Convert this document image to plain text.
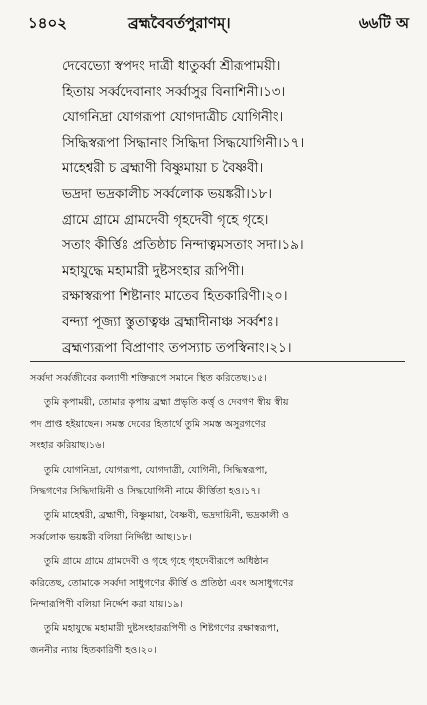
১৪০২	ব্রহ্মবৈবর্তপুরাণম্।	৬৬টি অ
দেবেভ্যো স্বপদং দাত্রী ধাতুর্ব্বা শ্রীরূপাময়ী।
হিতায় সর্ব্বদেবানাং সর্ব্বাসুর বিনাশিনী।১৩।
যোগনিদ্রা যোগরূপা যোগদাত্রীচ যোগিনীং।
সিদ্ধিস্বরূপা সিদ্ধানাং সিদ্ধিদা সিদ্ধযোগিনী।১৭।
মাহেশ্বরী চ ব্রহ্মাণী বিষ্ণুমায়া চ বৈষ্ণবী।
ভদ্রদা ভদ্রকালীচ সর্ব্বলোক ভয়ঙ্করী।১৮।
গ্রামে গ্রামে গ্রামদেবী গৃহদেবী গৃহে গৃহে।
সতাং কীর্ত্তিঃ প্রতিষ্ঠাচ নিন্দাত্বমসতাং সদা।১৯।
মহাযুদ্ধে মহামারী দুষ্টসংহার রূপিণী।
রক্ষাস্বরূপা শিষ্টানাং মাতেব হিতকারিণী।২০।
বন্দ্যা পূজ্যা স্তুতাত্বঞ্চ ব্রহ্মাদীনাঞ্চ সর্ব্বশঃ।
ব্রহ্মণ্যরূপা বিপ্রাণাং তপস্যাচ তপস্বিনাং।২১।
সর্ব্বদা সর্ব্বজীবের কল্যাণী শক্তিরূপে সমানে স্থিত করিতেছ।১৫।
তুমি কৃপাময়ী, তোমার কৃপায় ব্রহ্মা প্রভৃতি কর্ত্তৃ ও দেবগণ স্বীয় স্বীয়
পদ প্রাপ্ত হইয়াছেন। সমস্ত দেবের হিতার্থে তুমি সমস্ত অসুরগণের
সংহার করিয়াছ।১৬।
তুমি যোগনিদ্রা, যোগরূপা, যোগদাত্রী, যোগিনী, সিদ্ধিস্বরূপা,
সিদ্ধগণের সিদ্ধিদায়িনী ও সিদ্ধযোগিনী নামে কীর্ত্তিতা হও।১৭।
তুমি মাহেশ্বরী, ব্রহ্মাণী, বিষ্ণুমায়া, বৈষ্ণবী, ভদ্রদায়িনী, ভদ্রকালী ও
সর্ব্বলোক ভয়ঙ্করী বলিয়া নির্দ্দিষ্টা আছ।১৮।
তুমি গ্রামে গ্রামে গ্রামদেবী ও গৃহে গৃহে গৃহদেবীরূপে অধিষ্ঠান
করিতেছ, তোমাকে সর্ব্বদা সাধুগণের কীর্ত্তি ও প্রতিষ্ঠা এবং অসাধুগণের
নিন্দারূপিণী বলিয়া নির্দ্দেশ করা যায়।১৯।
তুমি মহাযুদ্ধে মহামারী দুষ্টসংহাররূপিণী ও শিষ্টগণের রক্ষাস্বরূপা,
জননীর ন্যায় হিতকারিণী হও।২০।
